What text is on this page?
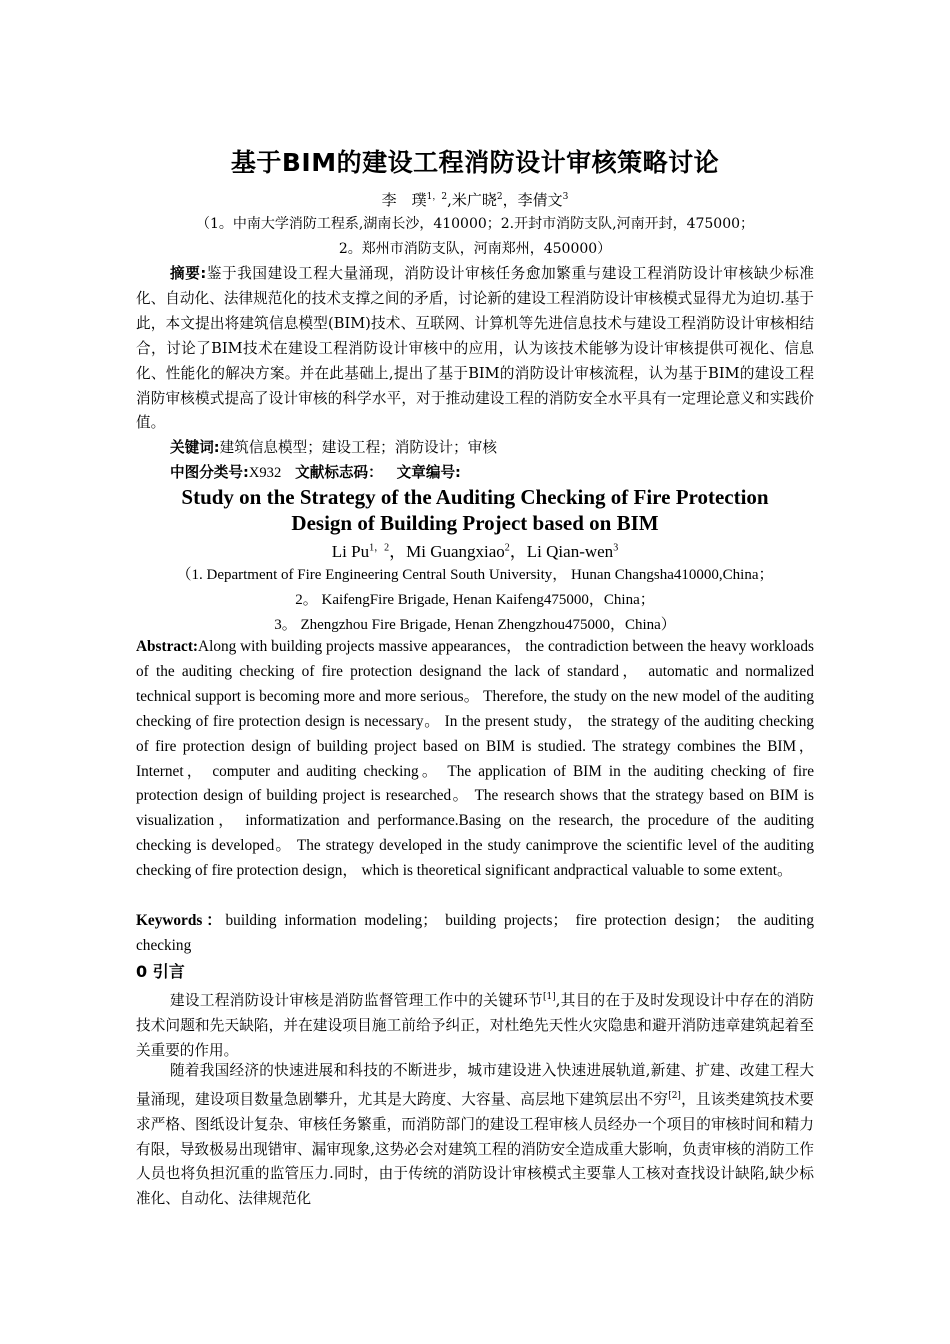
基于BIM的建设工程消防设计审核策略讨论
李　璞$^{1,2}$,米广晓$^2$，李倩文$^3$
（1。中南大学消防工程系,湖南长沙，410000；2.开封市消防支队,河南开封，475000；
2。郑州市消防支队，河南郑州，450000）
摘要:鉴于我国建设工程大量涌现，消防设计审核任务愈加繁重与建设工程消防设计审核缺少标准化、自动化、法律规范化的技术支撑之间的矛盾，讨论新的建设工程消防设计审核模式显得尤为迫切.基于此，本文提出将建筑信息模型(BIM)技术、互联网、计算机等先进信息技术与建设工程消防设计审核相结合，讨论了BIM技术在建设工程消防设计审核中的应用，认为该技术能够为设计审核提供可视化、信息化、性能化的解决方案。并在此基础上,提出了基于BIM的消防设计审核流程，认为基于BIM的建设工程消防审核模式提高了设计审核的科学水平，对于推动建设工程的消防安全水平具有一定理论意义和实践价值。
关键词:建筑信息模型；建设工程；消防设计；审核
中图分类号:X932 文献标志码： 文章编号:
Study on the Strategy of the Auditing Checking of Fire Protection
Design of Building Project based on BIM
Li $Pu^{1,2}$，Mi Guangxiao$^2$，Li Qian-wen$^3$
（1. Department of Fire Engineering Central South University， Hunan Changsha410000,China；
2。 KaifengFire Brigade, Henan Kaifeng475000，China；
3。 Zhengzhou Fire Brigade, Henan Zhengzhou475000，China）
Abstract:Along with building projects massive appearances， the contradiction between the heavy workloads of the auditing checking of fire protection designand the lack of standard， automatic and normalized technical support is becoming more and more serious。 Therefore, the study on the new model of the auditing checking of fire protection design is necessary。 In the present study， the strategy of the auditing checking of fire protection design of building project based on BIM is studied. The strategy combines the BIM， Internet， computer and auditing checking。 The application of BIM in the auditing checking of fire protection design of building project is researched。 The research shows that the strategy based on BIM is visualization， informatization and performance.Basing on the research, the procedure of the auditing checking is developed。 The strategy developed in the study canimprove the scientific level of the auditing checking of fire protection design， which is theoretical significant andpractical valuable to some extent。
Keywords：building information modeling； building projects； fire protection design； the auditing checking
0 引言
建设工程消防设计审核是消防监督管理工作中的关键环节[1],其目的在于及时发现设计中存在的消防技术问题和先天缺陷，并在建设项目施工前给予纠正，对杜绝先天性火灾隐患和避开消防违章建筑起着至关重要的作用。
随着我国经济的快速进展和科技的不断进步，城市建设进入快速进展轨道,新建、扩建、改建工程大量涌现，建设项目数量急剧攀升，尤其是大跨度、大容量、高层地下建筑层出不穷[2]，且该类建筑技术要求严格、图纸设计复杂、审核任务繁重，而消防部门的建设工程审核人员经办一个项目的审核时间和精力有限，导致极易出现错审、漏审现象,这势必会对建筑工程的消防安全造成重大影响，负责审核的消防工作人员也将负担沉重的监管压力.同时，由于传统的消防设计审核模式主要靠人工核对查找设计缺陷,缺少标准化、自动化、法律规范化
